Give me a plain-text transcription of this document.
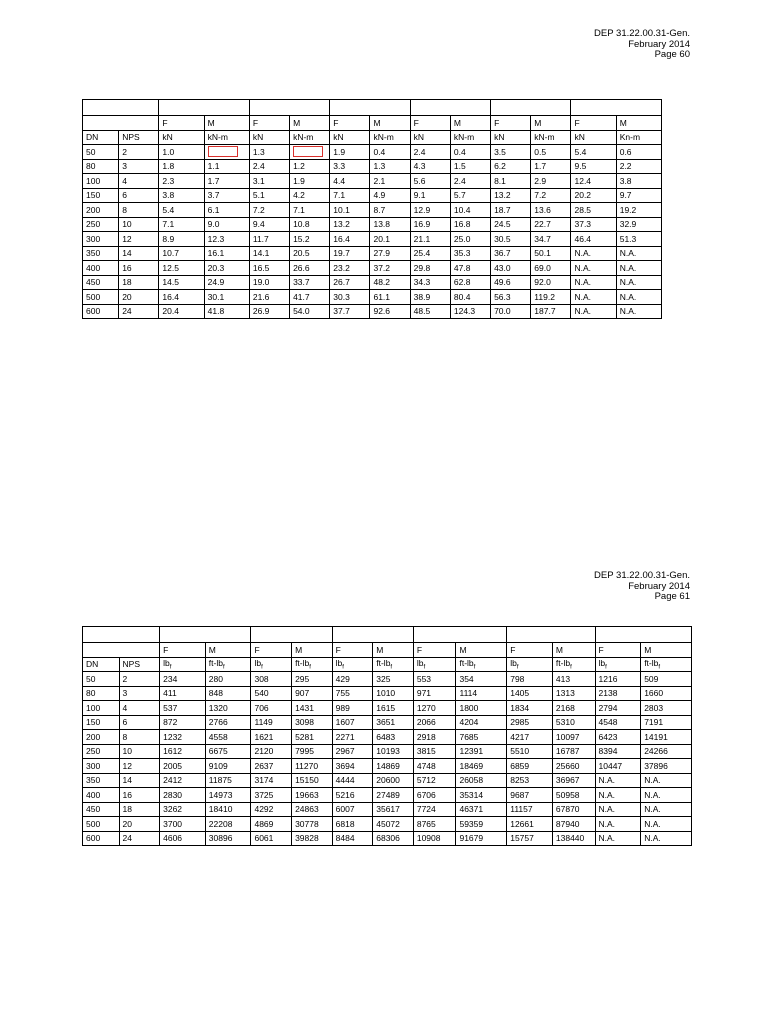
DEP 31.22.00.31-Gen.
February 2014
Page 60

		F	M	F	M	F	M	F	M	F	M	F	M
DN	NPS	kN	kN-m	kN	kN-m	kN	kN-m	kN	kN-m	kN	kN-m	kN	Kn-m
50	2	1.0		1.3		1.9	0.4	2.4	0.4	3.5	0.5	5.4	0.6
80	3	1.8	1.1	2.4	1.2	3.3	1.3	4.3	1.5	6.2	1.7	9.5	2.2
100	4	2.3	1.7	3.1	1.9	4.4	2.1	5.6	2.4	8.1	2.9	12.4	3.8
150	6	3.8	3.7	5.1	4.2	7.1	4.9	9.1	5.7	13.2	7.2	20.2	9.7
200	8	5.4	6.1	7.2	7.1	10.1	8.7	12.9	10.4	18.7	13.6	28.5	19.2
250	10	7.1	9.0	9.4	10.8	13.2	13.8	16.9	16.8	24.5	22.7	37.3	32.9
300	12	8.9	12.3	11.7	15.2	16.4	20.1	21.1	25.0	30.5	34.7	46.4	51.3
350	14	10.7	16.1	14.1	20.5	19.7	27.9	25.4	35.3	36.7	50.1	N.A.	N.A.
400	16	12.5	20.3	16.5	26.6	23.2	37.2	29.8	47.8	43.0	69.0	N.A.	N.A.
450	18	14.5	24.9	19.0	33.7	26.7	48.2	34.3	62.8	49.6	92.0	N.A.	N.A.
500	20	16.4	30.1	21.6	41.7	30.3	61.1	38.9	80.4	56.3	119.2	N.A.	N.A.
600	24	20.4	41.8	26.9	54.0	37.7	92.6	48.5	124.3	70.0	187.7	N.A.	N.A.
DEP 31.22.00.31-Gen.
February 2014
Page 61

		F	M	F	M	F	M	F	M	F	M	F	M
DN	NPS	$lb_f$	$ft-lb_f$	$lb_f$	$ft-lb_f$	$lb_f$	$ft-lb_f$	$lb_f$	$ft-lb_f$	$lb_f$	$ft-lb_f$	$lb_f$	$ft-lb_f$
50	2	234	280	308	295	429	325	553	354	798	413	1216	509
80	3	411	848	540	907	755	1010	971	1114	1405	1313	2138	1660
100	4	537	1320	706	1431	989	1615	1270	1800	1834	2168	2794	2803
150	6	872	2766	1149	3098	1607	3651	2066	4204	2985	5310	4548	7191
200	8	1232	4558	1621	5281	2271	6483	2918	7685	4217	10097	6423	14191
250	10	1612	6675	2120	7995	2967	10193	3815	12391	5510	16787	8394	24266
300	12	2005	9109	2637	11270	3694	14869	4748	18469	6859	25660	10447	37896
350	14	2412	11875	3174	15150	4444	20600	5712	26058	8253	36967	N.A.	N.A.
400	16	2830	14973	3725	19663	5216	27489	6706	35314	9687	50958	N.A.	N.A.
450	18	3262	18410	4292	24863	6007	35617	7724	46371	11157	67870	N.A.	N.A.
500	20	3700	22208	4869	30778	6818	45072	8765	59359	12661	87940	N.A.	N.A.
600	24	4606	30896	6061	39828	8484	68306	10908	91679	15757	138440	N.A.	N.A.
